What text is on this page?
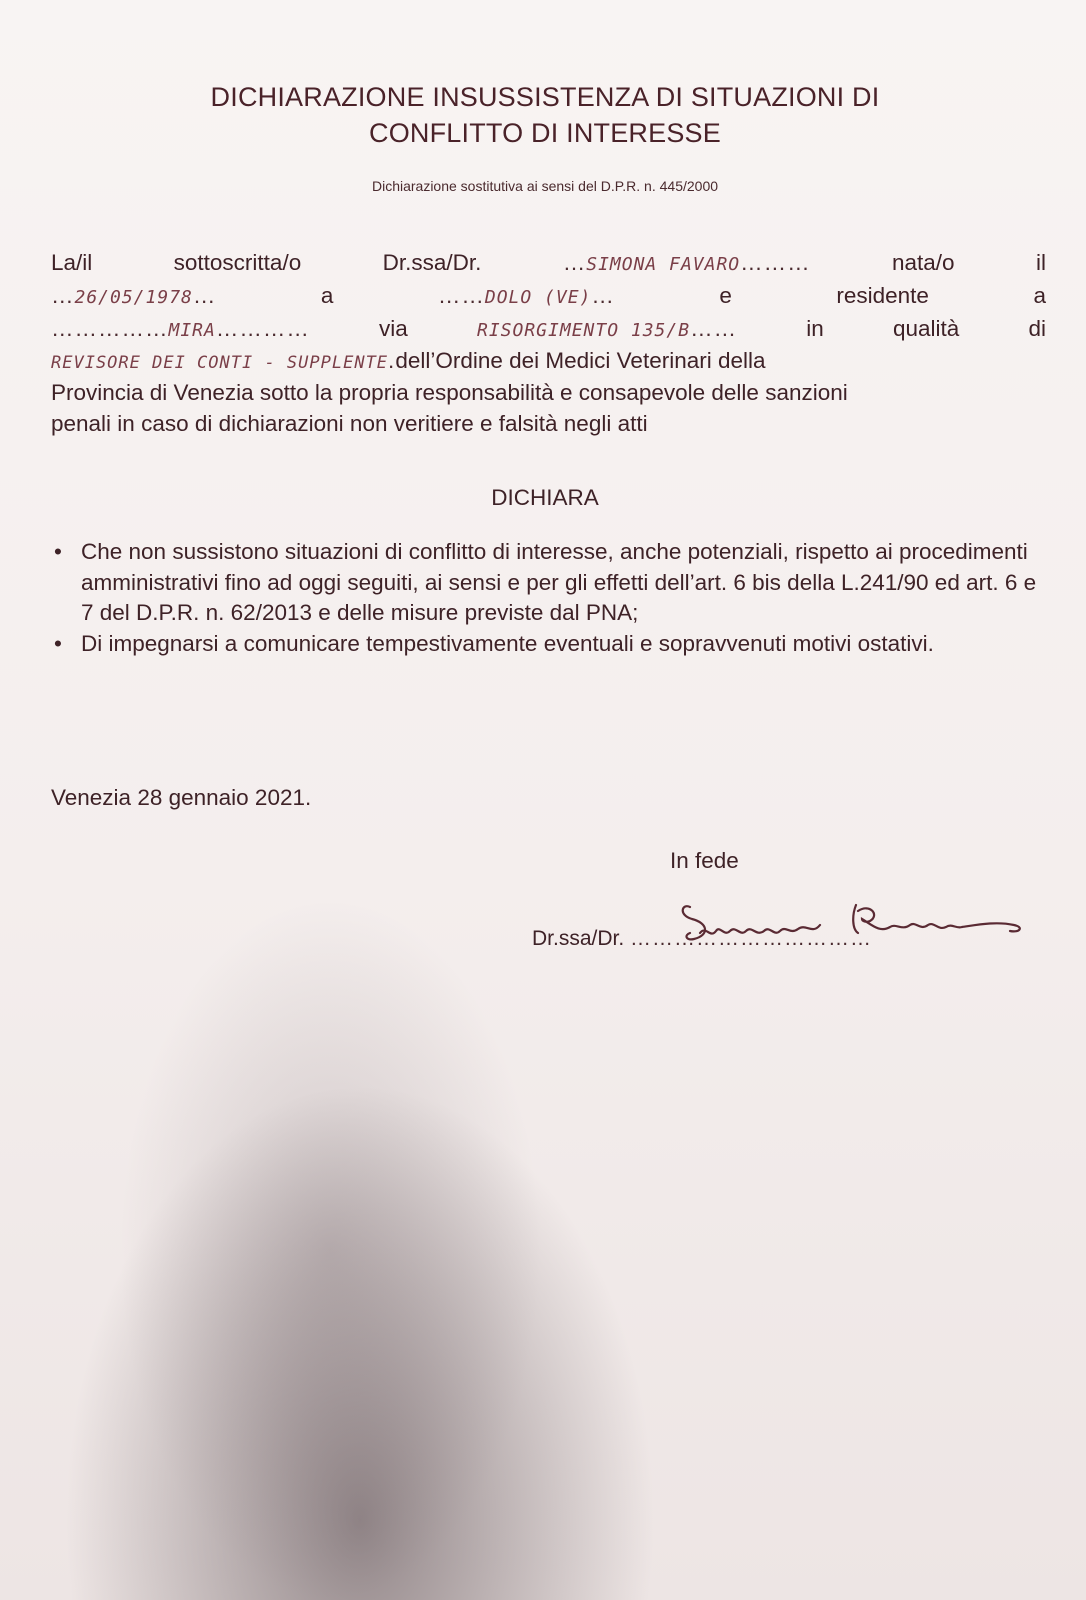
DICHIARAZIONE INSUSSISTENZA DI SITUAZIONI DI
CONFLITTO DI INTERESSE
Dichiarazione sostitutiva ai sensi del D.P.R. n. 445/2000
La/il	sottoscritta/o	Dr.ssa/Dr.	… SIMONA FAVARO ………	nata/o	il
… 26/05/1978 …	a	…… DOLO (VE) …	e	residente	a
…………… MIRA …………	via	RISORGIMENTO 135/B ……	in	qualità	di
REVISORE DEI CONTI - SUPPLENTE.dell’Ordine dei Medici Veterinari della
Provincia di Venezia sotto la propria responsabilità e consapevole delle sanzioni
penali in caso di dichiarazioni non veritiere e falsità negli atti
DICHIARA
• Che non sussistono situazioni di conflitto di interesse, anche potenziali, rispetto ai procedimenti amministrativi fino ad oggi seguiti, ai sensi e per gli effetti dell’art. 6 bis della L.241/90 ed art. 6 e 7 del D.P.R. n. 62/2013 e delle misure previste dal PNA;
• Di impegnarsi a comunicare tempestivamente eventuali e sopravvenuti motivi ostativi.
Venezia 28 gennaio 2021.
In fede
Dr.ssa/Dr. ……………………………
